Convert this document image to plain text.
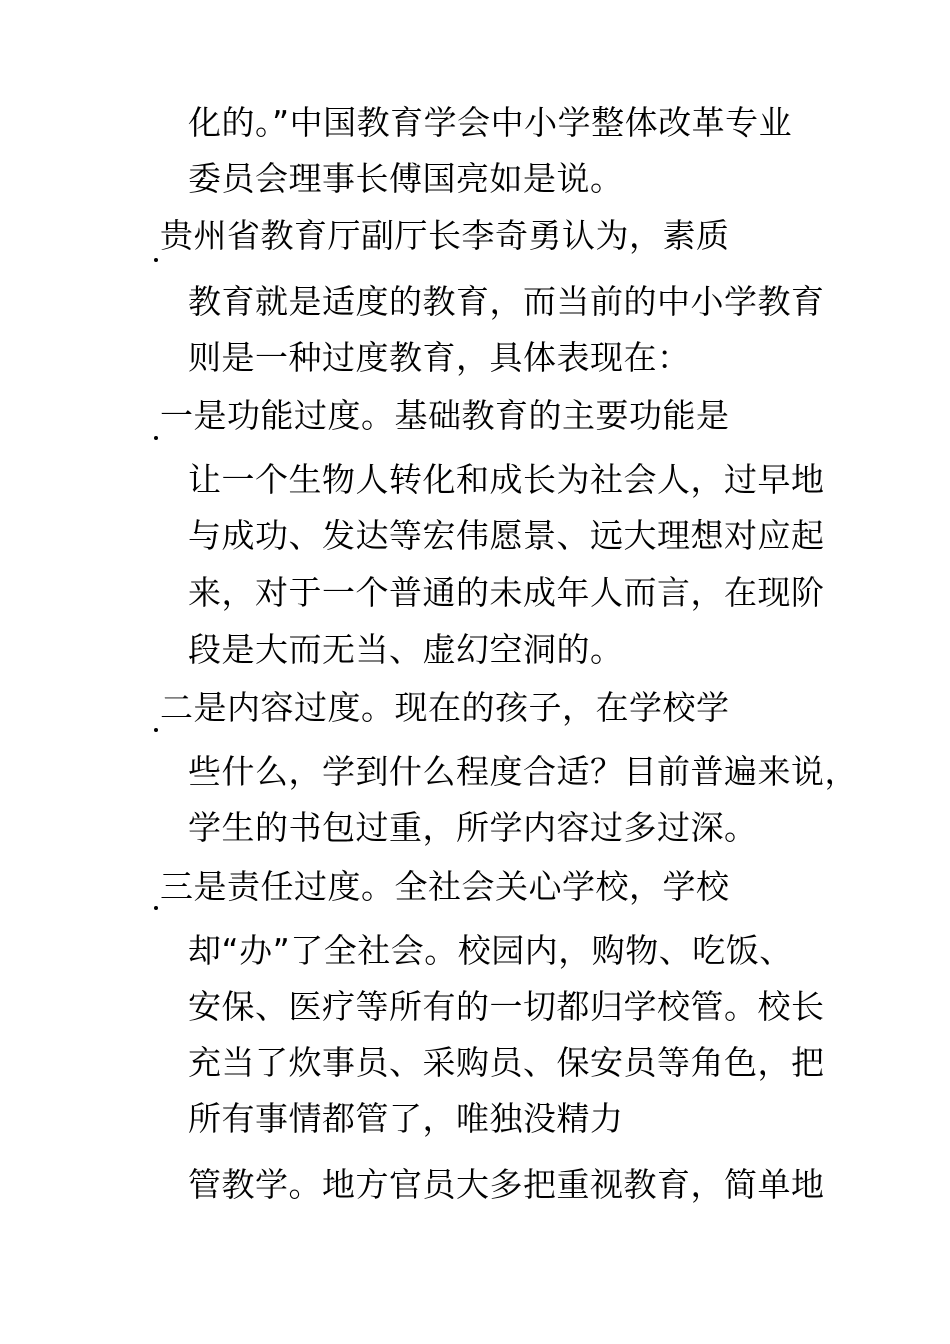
化的。”中国教育学会中小学整体改革专业
委员会理事长傅国亮如是说。
贵州省教育厅副厅长李奇勇认为，素质
教育就是适度的教育，而当前的中小学教育
则是一种过度教育，具体表现在：
一是功能过度。基础教育的主要功能是
让一个生物人转化和成长为社会人，过早地
与成功、发达等宏伟愿景、远大理想对应起
来，对于一个普通的未成年人而言，在现阶
段是大而无当、虚幻空洞的。
二是内容过度。现在的孩子，在学校学
些什么，学到什么程度合适？目前普遍来说，
学生的书包过重，所学内容过多过深。
三是责任过度。全社会关心学校，学校
却“办”了全社会。校园内，购物、吃饭、
安保、医疗等所有的一切都归学校管。校长
充当了炊事员、采购员、保安员等角色，把
所有事情都管了，唯独没精力
管教学。地方官员大多把重视教育，简单地
